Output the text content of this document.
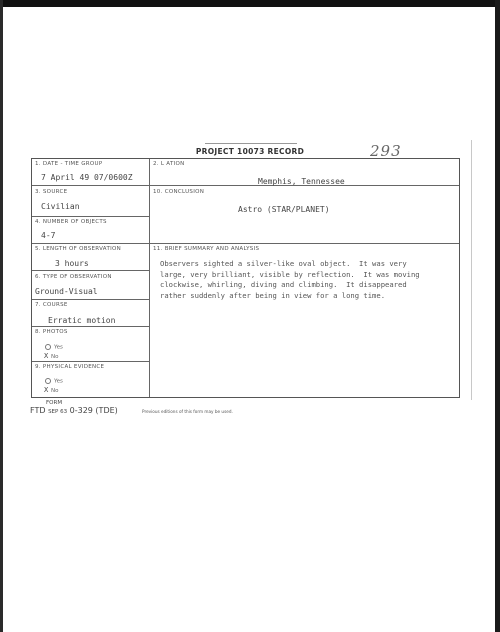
PROJECT 10073 RECORD	293
1. DATE - TIME GROUP
7 April 49 07/0600Z
2. L ATION
Memphis, Tennessee
3. SOURCE
Civilian
10. CONCLUSION
Astro (STAR/PLANET)
4. NUMBER OF OBJECTS
4-7
5. LENGTH OF OBSERVATION
3 hours
11. BRIEF SUMMARY AND ANALYSIS
6. TYPE OF OBSERVATION
Ground-Visual
7. COURSE
Erratic motion
8. PHOTOS
Yes
X No
9. PHYSICAL EVIDENCE
Yes
X No
Observers sighted a silver-like oval object.  It was very
large, very brilliant, visible by reflection.  It was moving
clockwise, whirling, diving and climbing.  It disappeared
rather suddenly after being in view for a long time.
FORM
FTD SEP 63 0-329 (TDE)	Previous editions of this form may be used.
